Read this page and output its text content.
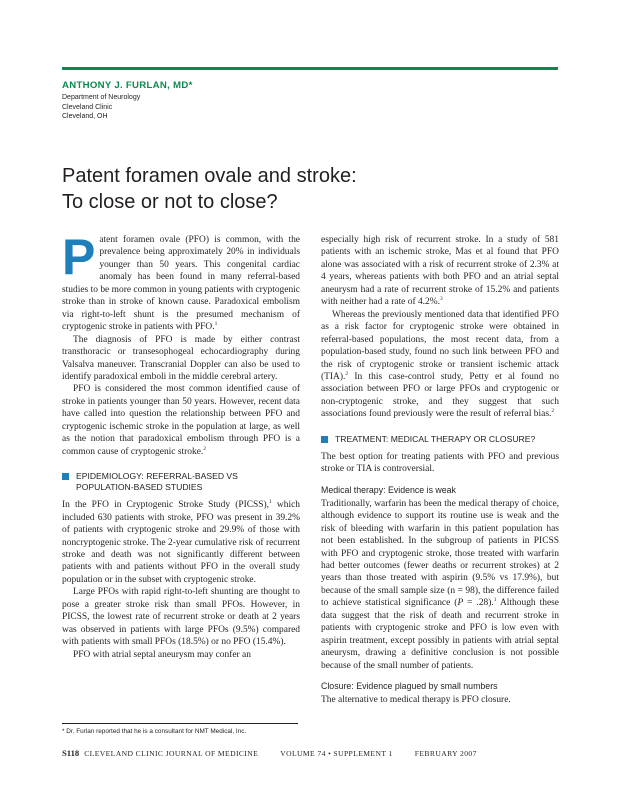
ANTHONY J. FURLAN, MD*
Department of Neurology
Cleveland Clinic
Cleveland, OH
Patent foramen ovale and stroke:
To close or not to close?

Patent foramen ovale (PFO) is common, with the prevalence being approximately 20% in individuals younger than 50 years. This congenital cardiac anomaly has been found in many referral-based studies to be more common in young patients with cryptogenic stroke than in stroke of known cause. Paradoxical embolism via right-to-left shunt is the presumed mechanism of cryptogenic stroke in patients with PFO.$^1$

The diagnosis of PFO is made by either contrast transthoracic or transesophogeal echocardiography during Valsalva maneuver. Transcranial Doppler can also be used to identify paradoxical emboli in the middle cerebral artery.

PFO is considered the most common identified cause of stroke in patients younger than 50 years. However, recent data have called into question the relationship between PFO and cryptogenic ischemic stroke in the population at large, as well as the notion that paradoxical embolism through PFO is a common cause of cryptogenic stroke.$^2$

EPIDEMIOLOGY: REFERRAL-BASED VS
POPULATION-BASED STUDIES

In the PFO in Cryptogenic Stroke Study (PICSS),$^1$ which included 630 patients with stroke, PFO was present in 39.2% of patients with cryptogenic stroke and 29.9% of those with noncryptogenic stroke. The 2-year cumulative risk of recurrent stroke and death was not significantly different between patients with and patients without PFO in the overall study population or in the subset with cryptogenic stroke.

Large PFOs with rapid right-to-left shunting are thought to pose a greater stroke risk than small PFOs. However, in PICSS, the lowest rate of recurrent stroke or death at 2 years was observed in patients with large PFOs (9.5%) compared with patients with small PFOs (18.5%) or no PFO (15.4%).

PFO with atrial septal aneurysm may confer an

especially high risk of recurrent stroke. In a study of 581 patients with an ischemic stroke, Mas et al found that PFO alone was associated with a risk of recurrent stroke of 2.3% at 4 years, whereas patients with both PFO and an atrial septal aneurysm had a rate of recurrent stroke of 15.2% and patients with neither had a rate of 4.2%.$^3$

Whereas the previously mentioned data that identified PFO as a risk factor for cryptogenic stroke were obtained in referral-based populations, the most recent data, from a population-based study, found no such link between PFO and the risk of cryptogenic stroke or transient ischemic attack (TIA).$^2$ In this case-control study, Petty et al found no association between PFO or large PFOs and cryptogenic or non-cryptogenic stroke, and they suggest that such associations found previously were the result of referral bias.$^2$

TREATMENT: MEDICAL THERAPY OR CLOSURE?

The best option for treating patients with PFO and previous stroke or TIA is controversial.

Medical therapy: Evidence is weak

Traditionally, warfarin has been the medical therapy of choice, although evidence to support its routine use is weak and the risk of bleeding with warfarin in this patient population has not been established. In the subgroup of patients in PICSS with PFO and cryptogenic stroke, those treated with warfarin had better outcomes (fewer deaths or recurrent strokes) at 2 years than those treated with aspirin (9.5% vs 17.9%), but because of the small sample size (n = 98), the difference failed to achieve statistical significance (P = .28).$^1$ Although these data suggest that the risk of death and recurrent stroke in patients with cryptogenic stroke and PFO is low even with aspirin treatment, except possibly in patients with atrial septal aneurysm, drawing a definitive conclusion is not possible because of the small number of patients.

Closure: Evidence plagued by small numbers

The alternative to medical therapy is PFO closure.

* Dr. Furlan reported that he is a consultant for NMT Medical, Inc.
S118 CLEVELAND CLINIC JOURNAL OF MEDICINE	VOLUME 74 • SUPPLEMENT 1	FEBRUARY 2007
